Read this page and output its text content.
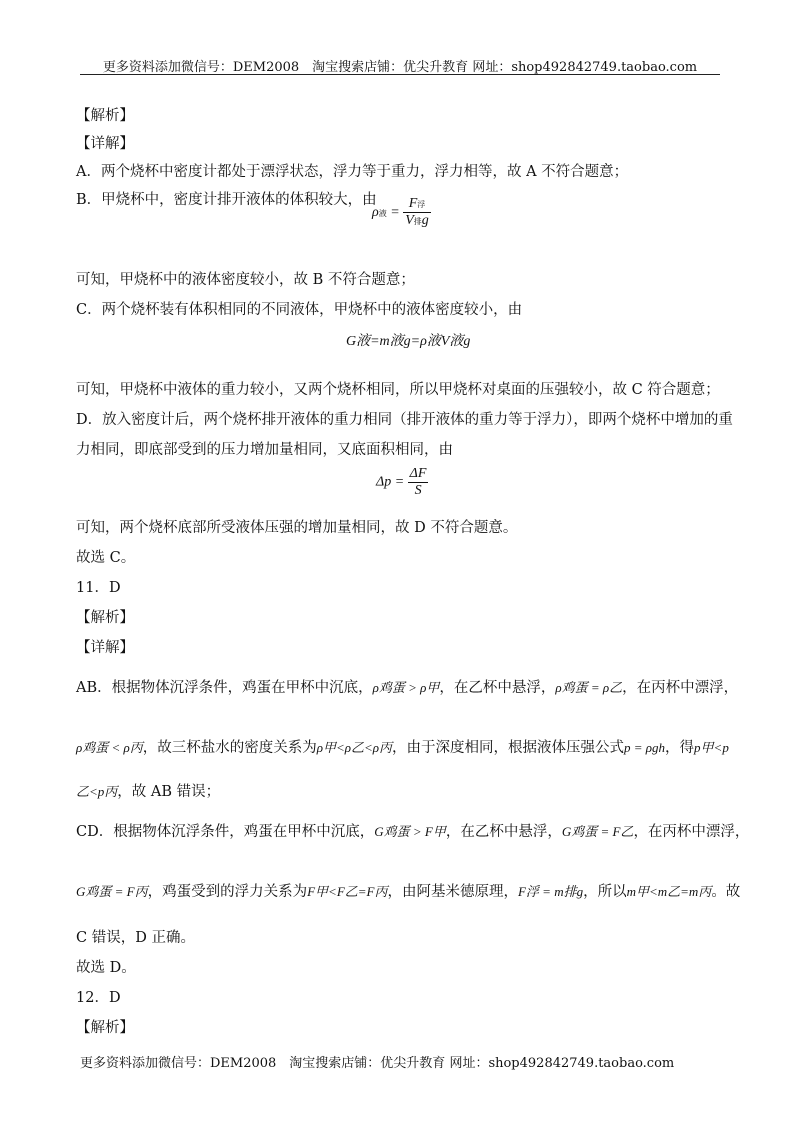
更多资料添加微信号：DEM2008　淘宝搜索店铺：优尖升教育 网址：shop492842749.taobao.com
【解析】
【详解】
A．两个烧杯中密度计都处于漂浮状态，浮力等于重力，浮力相等，故 A 不符合题意；
B．甲烧杯中，密度计排开液体的体积较大，由
ρ液 = $\frac{\text{F浮}}{\text{V排g}}$
可知，甲烧杯中的液体密度较小，故 B 不符合题意；
C．两个烧杯装有体积相同的不同液体，甲烧杯中的液体密度较小，由
G液=m液g=ρ液V液g
可知，甲烧杯中液体的重力较小，又两个烧杯相同，所以甲烧杯对桌面的压强较小，故 C 符合题意；
D．放入密度计后，两个烧杯排开液体的重力相同（排开液体的重力等于浮力），即两个烧杯中增加的重
力相同，即底部受到的压力增加量相同，又底面积相同，由
$\Delta p = \frac{\Delta F}{S}$
可知，两个烧杯底部所受液体压强的增加量相同，故 D 不符合题意。
故选 C。
11．D
【解析】
【详解】
AB．根据物体沉浮条件，鸡蛋在甲杯中沉底，ρ鸡蛋 > ρ甲，在乙杯中悬浮，ρ鸡蛋 = ρ乙，在丙杯中漂浮，
ρ鸡蛋 < ρ丙，故三杯盐水的密度关系为ρ甲<ρ乙<ρ丙，由于深度相同，根据液体压强公式p = ρgh，得p甲<p
乙<p丙，故 AB 错误；
CD．根据物体沉浮条件，鸡蛋在甲杯中沉底，G鸡蛋 > F甲，在乙杯中悬浮，G鸡蛋 = F乙，在丙杯中漂浮，
G鸡蛋 = F丙，鸡蛋受到的浮力关系为F甲<F乙=F丙，由阿基米德原理，F浮 = m排g，所以m甲<m乙=m丙。故
C 错误，D 正确。
故选 D。
12．D
【解析】
更多资料添加微信号：DEM2008　淘宝搜索店铺：优尖升教育 网址：shop492842749.taobao.com
